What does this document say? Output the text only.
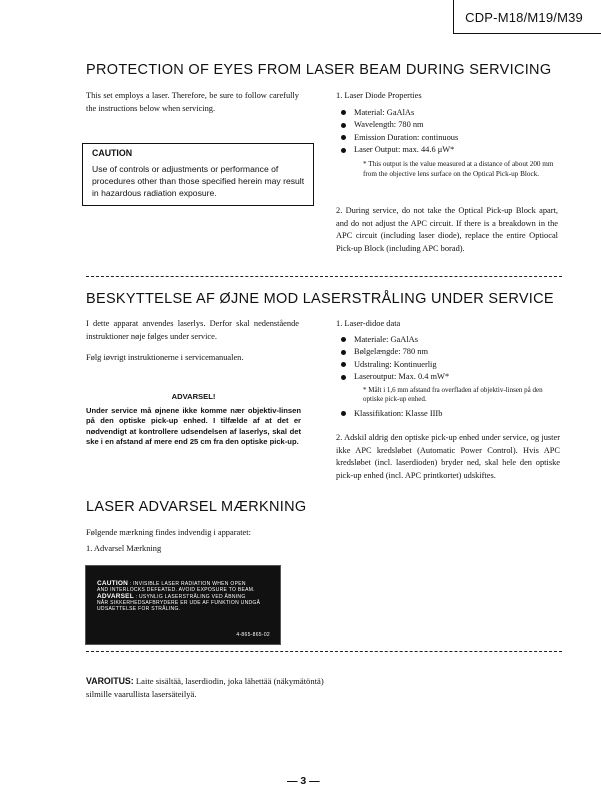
CDP-M18/M19/M39
PROTECTION OF EYES FROM LASER BEAM DURING SERVICING

This set employs a laser. Therefore, be sure to follow carefully the instructions below when servicing.

CAUTION
Use of controls or adjustments or performance of procedures other than those specified herein may result in hazardous radiation exposure.

1. Laser Diode Properties

Material: GaAlAs
Wavelength: 780 nm
Emission Duration: continuous
Laser Output: max. 44.6 μW*

* This output is the value measured at a distance of about 200 mm from the objective lens surface on the Optical Pick-up Block.

2. During service, do not take the Optical Pick-up Block apart, and do not adjust the APC circuit. If there is a breakdown in the APC circuit (including laser diode), replace the entire Optiocal Pick-up Block (including APC borad).

BESKYTTELSE AF ØJNE MOD LASERSTRÅLING UNDER SERVICE

I dette apparat anvendes laserlys. Derfor skal nedenstående instruktioner nøje følges under service.

Følg iøvrigt instruktionerne i servicemanualen.

ADVARSEL!
Under service må øjnene ikke komme nær objektiv-linsen på den optiske pick-up enhed. I tilfælde af at det er nødvendigt at kontrollere udsendelsen af laserlys, skal det ske i en afstand af mere end 25 cm fra den optiske pick-up.

1. Laser-didoe data

Materiale: GaAlAs
Bølgelængde: 780 nm
Udstraling: Kontinuerlig
Laseroutput: Max. 0.4 mW*

* Målt i 1,6 mm afstand fra overfladen af objektiv-linsen på den optiske pick-up enhed.

Klassifikation: Klasse IIIb

2. Adskil aldrig den optiske pick-up enhed under service, og juster ikke APC kredsløbet (Automatic Power Control). Hvis APC kredsløbet (incl. laserdioden) bryder ned, skal hele den optiske pick-up enhed (incl. APC printkortet) udskiftes.

LASER ADVARSEL MÆRKNING

Følgende mærkning findes indvendig i apparatet:

1. Advarsel Mærkning

CAUTION : INVISIBLE LASER RADIATION WHEN OPEN
AND INTERLOCKS DEFEATED. AVOID EXPOSURE TO BEAM.
ADVARSEL : USYNLIG LASERSTRÅLING VED ÅBNING
NÅR SIKKERHEDSAFBRYDERE ER UDE AF FUNKTION UNDGÅ
UDSAETTELSE FOR STRÅLING.
4-865-865-02

VAROITUS: Laite sisältää, laserdiodin, joka lähettää (näkymätöntä) silmille vaarullista lasersäteilyä.

— 3 —
